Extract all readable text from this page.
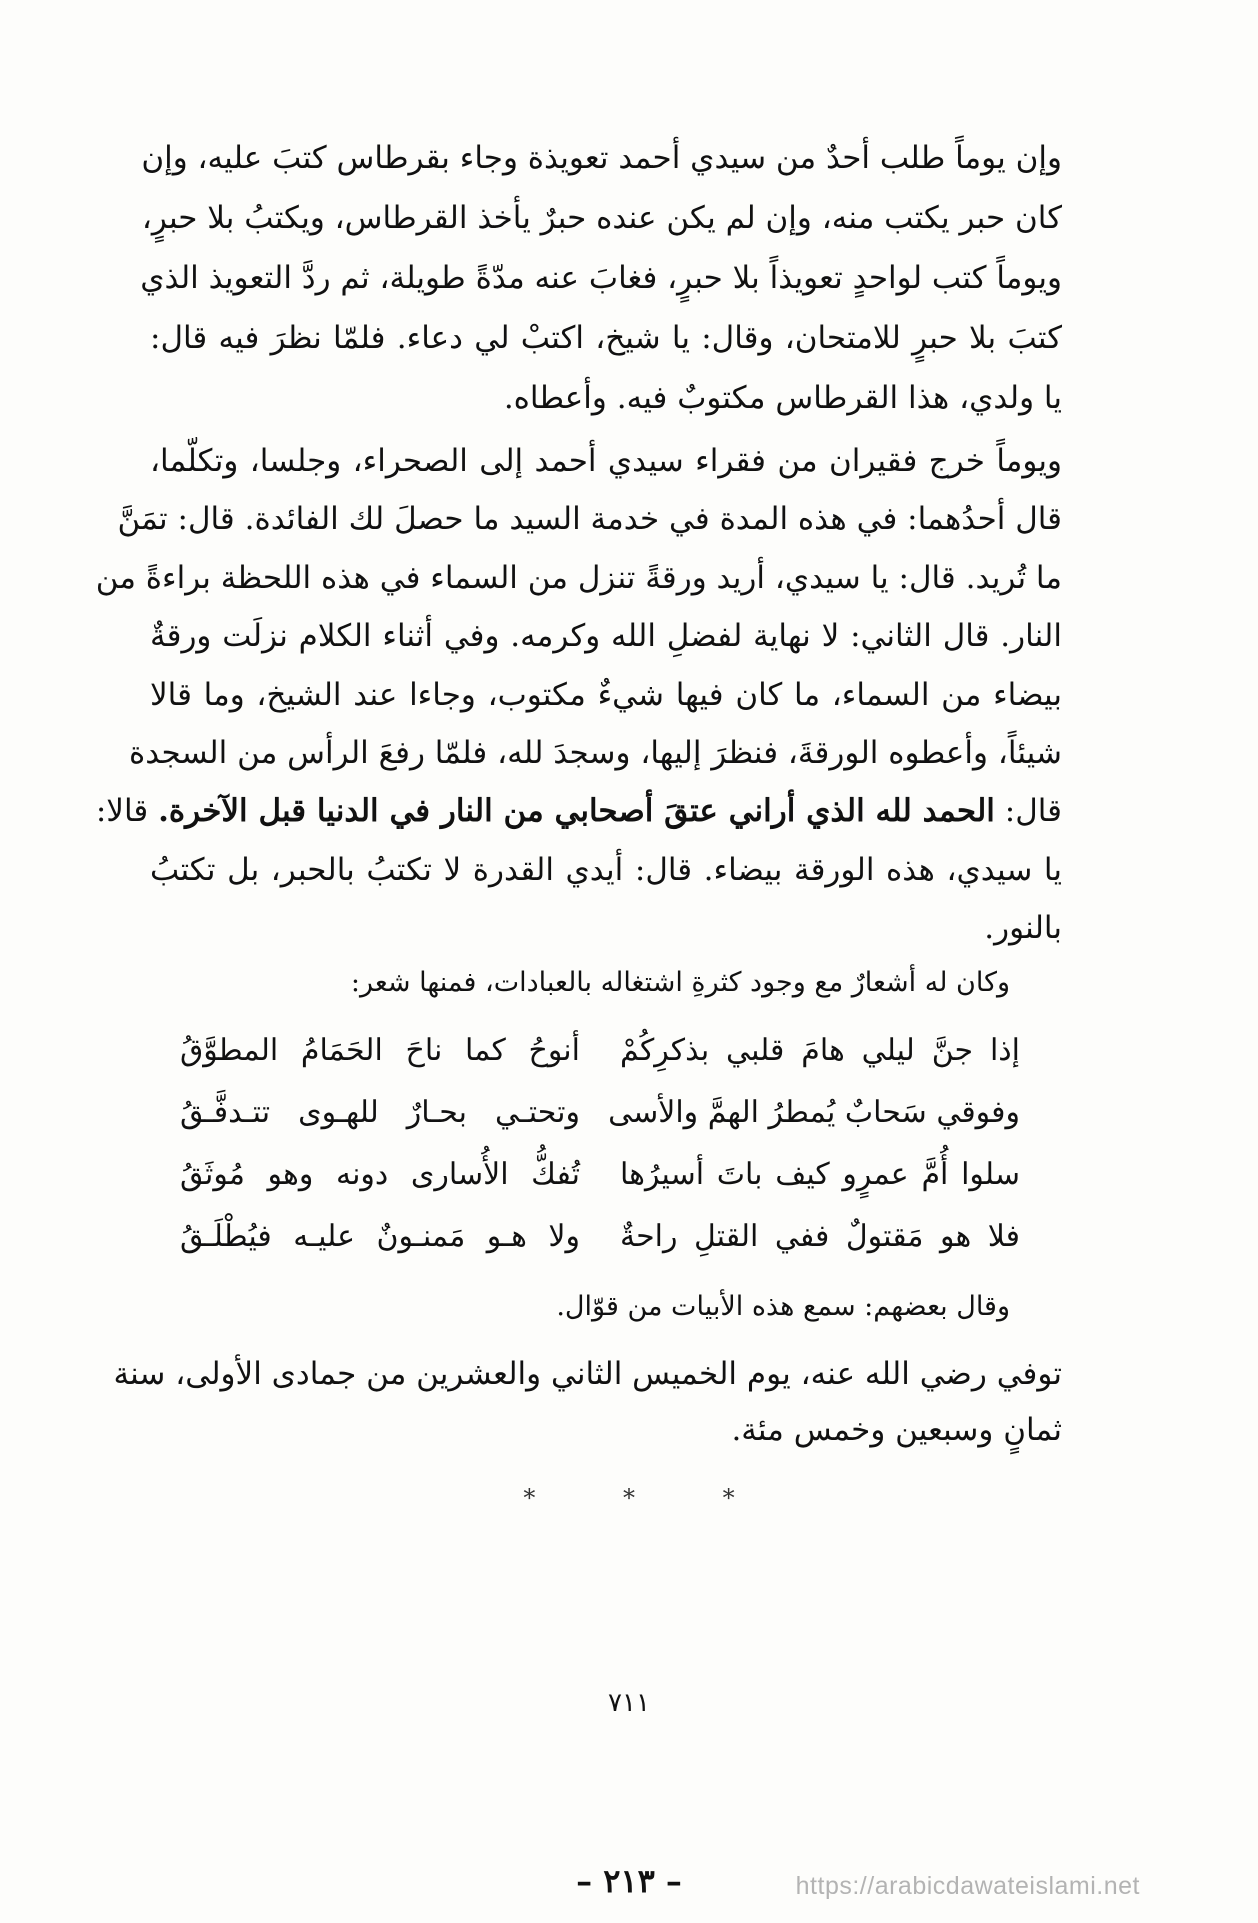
وإن يوماً طلب أحدٌ من سيدي أحمد تعويذة وجاء بقرطاس كتبَ عليه، وإن
كان حبر يكتب منه، وإن لم يكن عنده حبرٌ يأخذ القرطاس، ويكتبُ بلا حبرٍ،
ويوماً كتب لواحدٍ تعويذاً بلا حبرٍ، فغابَ عنه مدّةً طويلة، ثم ردَّ التعويذ الذي
كتبَ بلا حبرٍ للامتحان، وقال: يا شيخ، اكتبْ لي دعاء. فلمّا نظرَ فيه قال:
يا ولدي، هذا القرطاس مكتوبٌ فيه. وأعطاه.
ويوماً خرج فقيران من فقراء سيدي أحمد إلى الصحراء، وجلسا، وتكلّما،
قال أحدُهما: في هذه المدة في خدمة السيد ما حصلَ لك الفائدة. قال: تمَنَّ
ما تُريد. قال: يا سيدي، أريد ورقةً تنزل من السماء في هذه اللحظة براءةً من
النار. قال الثاني: لا نهاية لفضلِ الله وكرمه. وفي أثناء الكلام نزلَت ورقةٌ
بيضاء من السماء، ما كان فيها شيءٌ مكتوب، وجاءا عند الشيخ، وما قالا
شيئاً، وأعطوه الورقةَ، فنظرَ إليها، وسجدَ لله، فلمّا رفعَ الرأس من السجدة
قال: الحمد لله الذي أراني عتقَ أصحابي من النار في الدنيا قبل الآخرة. قالا:
يا سيدي، هذه الورقة بيضاء. قال: أيدي القدرة لا تكتبُ بالحبر، بل تكتبُ
بالنور.
وكان له أشعارٌ مع وجود كثرةِ اشتغاله بالعبادات، فمنها شعر:
إذا جنَّ ليلي هامَ قلبي بذكرِكُمْ
أنوحُ كما ناحَ الحَمَامُ المطوَّقُ
وفوقي سَحابٌ يُمطرُ الهمَّ والأسى
وتحتـي بحـارٌ للهـوى تتـدفَّـقُ
سلوا أُمَّ عمرٍو كيف باتَ أسيرُها
تُفكُّ الأُسارى دونه وهو مُوثَقُ
فلا هو مَقتولٌ ففي القتلِ راحةٌ
ولا هـو مَمنـونٌ عليـه فيُطْلَـقُ
وقال بعضهم: سمع هذه الأبيات من قوّال.
توفي رضي الله عنه، يوم الخميس الثاني والعشرين من جمادى الأولى، سنة
ثمانٍ وسبعين وخمس مئة.
* * *
٧١١
– ٢١٣ –	https://arabicdawateislami.net
